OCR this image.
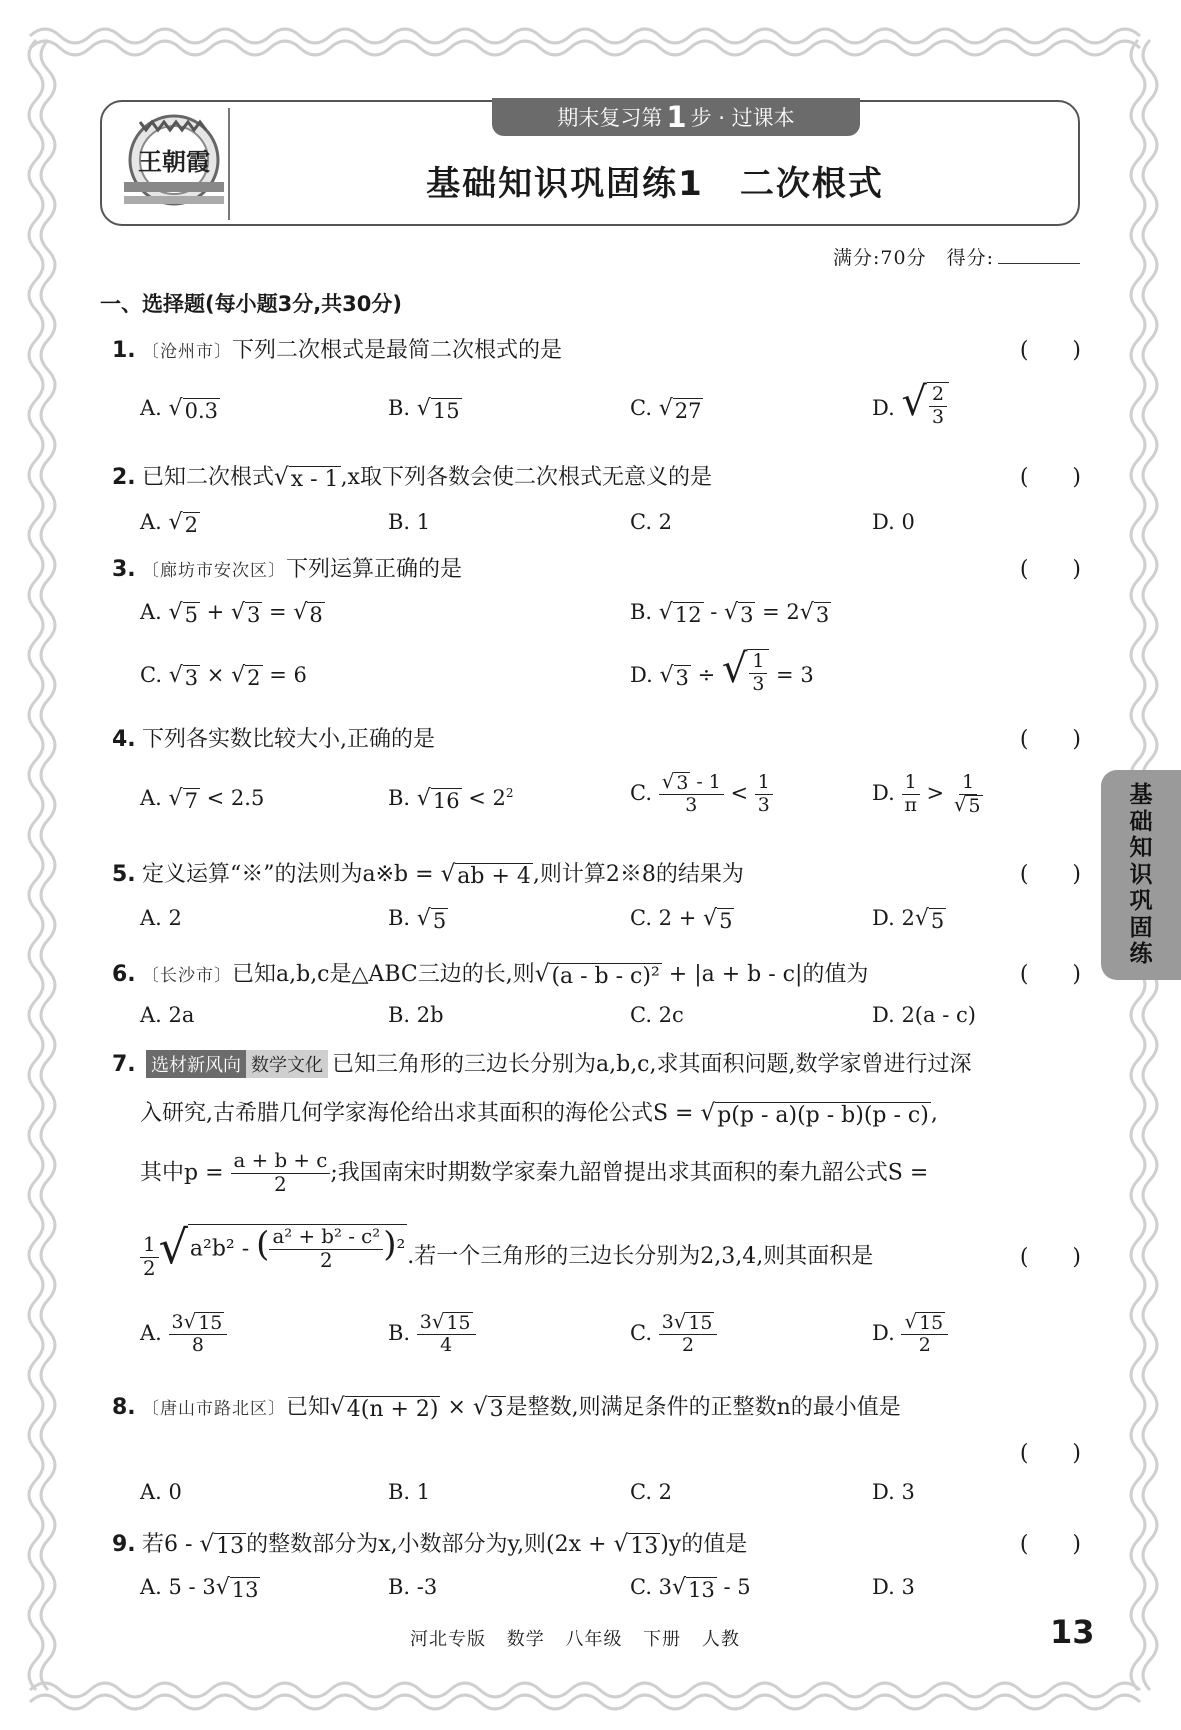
王朝霞
期末复习第 1 步 · 过课本
基础知识巩固练1　二次根式
满分:70分　得分:
一、选择题(每小题3分,共30分)
1. 〔沧州市〕下列二次根式是最简二次根式的是	(　　)
A. √ 0.3	B. √ 15	C. √ 27	D. √ $\frac{2}{3}$
2. 已知二次根式 √ x - 1 ,x取下列各数会使二次根式无意义的是	(　　)
A. √ 2	B. 1	C. 2	D. 0
3. 〔廊坊市安次区〕下列运算正确的是	(　　)
A. √ 5 + √ 3 = √ 8	B. √ 12 - √ 3 = 2 √ 3
C. √ 3 × √ 2 = 6	D. √ 3 ÷ √ $\frac{1}{3} = 3$
4. 下列各实数比较大小,正确的是	(　　)
A. √ 7 < 2.5	B. √ $16 < 2^2$	C. $\frac{√ 3 - 1}{3} < \frac{1}{3}$	D. $\frac{1}{\pi} > \frac{1}{√ 5}$
5. 定义运算“※”的法则为a※b = √ ab + 4 ,则计算2※8的结果为	(　　)
A. 2	B. √ 5	C. 2 + √ 5	D. 2 √ 5
6. 〔长沙市〕已知a,b,c是△ABC三边的长,则 √ (a - b - c)² + |a + b - c|的值为	(　　)
A. 2a	B. 2b	C. 2c	D. 2(a - c)
7. 选材新风向 数学文化 已知三角形的三边长分别为a,b,c,求其面积问题,数学家曾进行过深
入研究,古希腊几何学家海伦给出求其面积的海伦公式S = √ p(p - a)(p - b)(p - c) ,
其中$p = \frac{a + b + c}{2}$ ;我国南宋时期数学家秦九韶曾提出求其面积的秦九韶公式S =
$\frac{1}{2}$ √ a²b² - ( $\frac{\text{a² + b² - c²}}{2} )^2$ .若一个三角形的三边长分别为2,3,4,则其面积是	(　　)
A. $\frac{3 √ 15}{8}$	B. $\frac{3 √ 15}{4}$	C. $\frac{3 √ 15}{2}$	D. $\frac{√ 15}{2}$
8. 〔唐山市路北区〕已知 √ 4(n + 2) × √ 3 是整数,则满足条件的正整数n的最小值是
(　　)
A. 0	B. 1	C. 2	D. 3
9. 若6 - √ 13 的整数部分为x,小数部分为y,则(2x + √ 13 )y的值是	(　　)
A. 5 - 3 √ 13	B. -3	C. 3 √ 13 - 5	D. 3
基
础
知
识
巩
固
练
河北专版 数学 八年级 下册 人教	13
